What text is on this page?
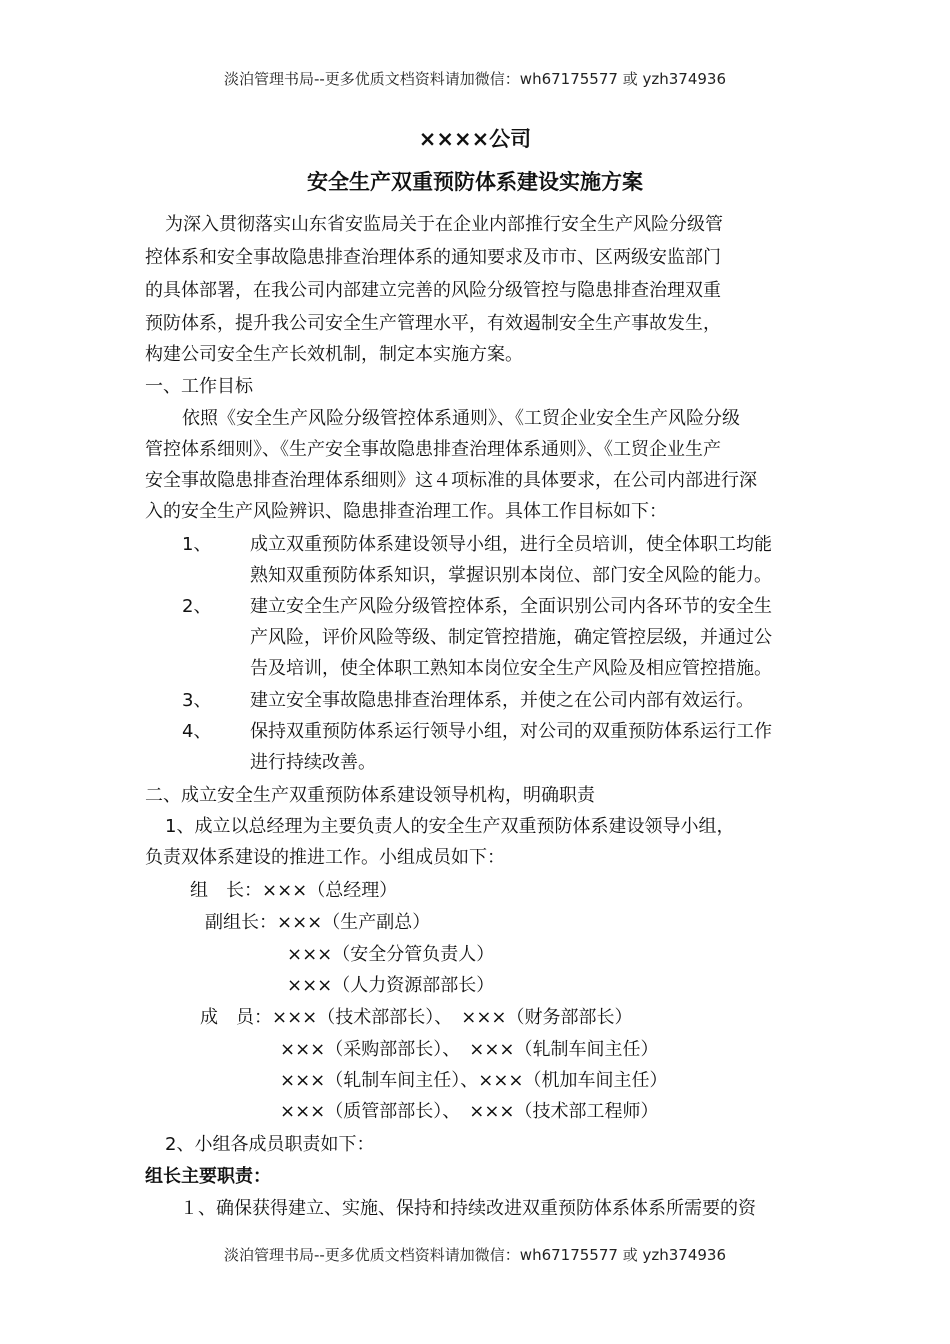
淡泊管理书局--更多优质文档资料请加微信：wh67175577 或 yzh374936
××××公司
安全生产双重预防体系建设实施方案
为深入贯彻落实山东省安监局关于在企业内部推行安全生产风险分级管
控体系和安全事故隐患排查治理体系的通知要求及市市、区两级安监部门
的具体部署，在我公司内部建立完善的风险分级管控与隐患排查治理双重
预防体系，提升我公司安全生产管理水平，有效遏制安全生产事故发生，
构建公司安全生产长效机制，制定本实施方案。
一、工作目标
依照《安全生产风险分级管控体系通则》、《工贸企业安全生产风险分级
管控体系细则》、《生产安全事故隐患排查治理体系通则》、《工贸企业生产
安全事故隐患排查治理体系细则》这４项标准的具体要求，在公司内部进行深
入的安全生产风险辨识、隐患排查治理工作。具体工作目标如下：
1、 成立双重预防体系建设领导小组，进行全员培训，使全体职工均能
熟知双重预防体系知识，掌握识别本岗位、部门安全风险的能力。
2、 建立安全生产风险分级管控体系，全面识别公司内各环节的安全生
产风险，评价风险等级、制定管控措施，确定管控层级，并通过公
告及培训，使全体职工熟知本岗位安全生产风险及相应管控措施。
3、 建立安全事故隐患排查治理体系，并使之在公司内部有效运行。
4、 保持双重预防体系运行领导小组，对公司的双重预防体系运行工作
进行持续改善。
二、成立安全生产双重预防体系建设领导机构，明确职责
1、成立以总经理为主要负责人的安全生产双重预防体系建设领导小组，
负责双体系建设的推进工作。小组成员如下：
组　长：×××（总经理）
副组长：×××（生产副总）
×××（安全分管负责人）
×××（人力资源部部长）
成　员：×××（技术部部长）、　×××（财务部部长）
×××（采购部部长）、　×××（轧制车间主任）
×××（轧制车间主任）、×××（机加车间主任）
×××（质管部部长）、　×××（技术部工程师）
2、小组各成员职责如下：
组长主要职责：
１、确保获得建立、实施、保持和持续改进双重预防体系体系所需要的资
淡泊管理书局--更多优质文档资料请加微信：wh67175577 或 yzh374936
